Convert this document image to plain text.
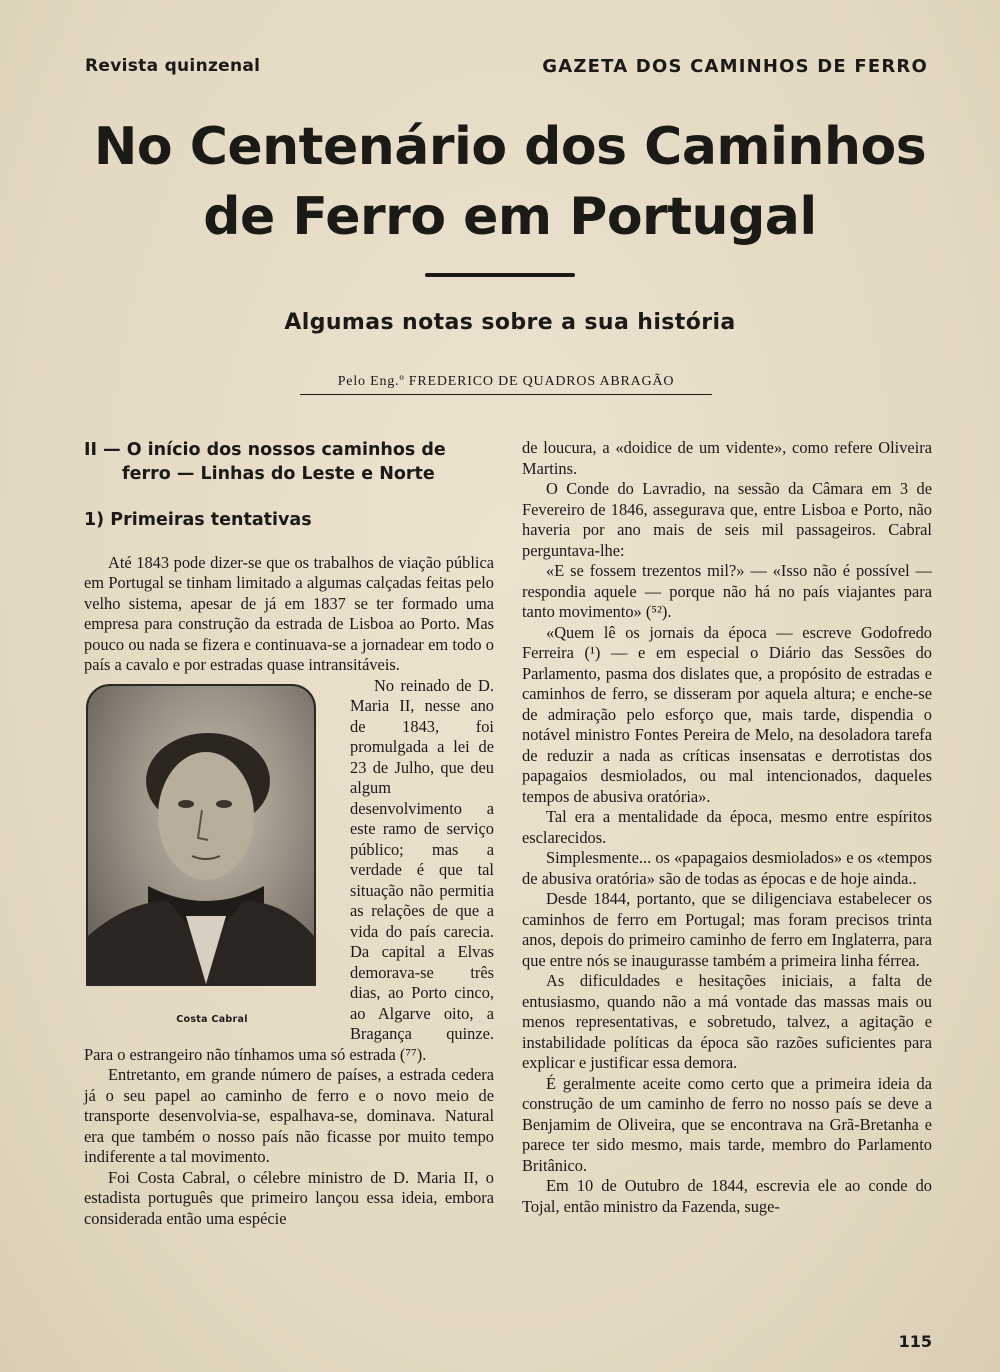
Revista quinzenal	GAZETA DOS CAMINHOS DE FERRO
No Centenário dos Caminhos
de Ferro em Portugal
Algumas notas sobre a sua história
Pelo Eng.º FREDERICO DE QUADROS ABRAGÃO
II — O início dos nossos caminhos de ferro — Linhas do Leste e Norte
1) Primeiras tentativas

Até 1843 pode dizer-se que os trabalhos de viação pública em Portugal se tinham limitado a algumas calçadas feitas pelo velho sistema, apesar de já em 1837 se ter formado uma empresa para construção da estrada de Lisboa ao Porto. Mas pouco ou nada se fizera e continuava-se a jornadear em todo o país a cavalo e por estradas quase intransitáveis.

Costa Cabral

No reinado de D. Maria II, nesse ano de 1843, foi promulgada a lei de 23 de Julho, que deu algum desenvolvimento a este ramo de serviço público; mas a verdade é que tal situação não permitia as relações de que a vida do país carecia. Da capital a Elvas demorava-se três dias, ao Porto cinco, ao Algarve oito, a Bragança quinze. Para o estrangeiro não tínhamos uma só estrada (⁷⁷).

Entretanto, em grande número de países, a estrada cedera já o seu papel ao caminho de ferro e o novo meio de transporte desenvolvia-se, espalhava-se, dominava. Natural era que também o nosso país não ficasse por muito tempo indiferente a tal movimento.

Foi Costa Cabral, o célebre ministro de D. Maria II, o estadista português que primeiro lançou essa ideia, embora considerada então uma espécie

de loucura, a «doidice de um vidente», como refere Oliveira Martins.

O Conde do Lavradio, na sessão da Câmara em 3 de Fevereiro de 1846, assegurava que, entre Lisboa e Porto, não haveria por ano mais de seis mil passageiros. Cabral perguntava-lhe:

«E se fossem trezentos mil?» — «Isso não é possível — respondia aquele — porque não há no país viajantes para tanto movimento» (⁵²).

«Quem lê os jornais da época — escreve Godofredo Ferreira (¹) — e em especial o Diário das Sessões do Parlamento, pasma dos dislates que, a propósito de estradas e caminhos de ferro, se disseram por aquela altura; e enche-se de admiração pelo esforço que, mais tarde, dispendia o notável ministro Fontes Pereira de Melo, na desoladora tarefa de reduzir a nada as críticas insensatas e derrotistas dos papagaios desmiolados, ou mal intencionados, daqueles tempos de abusiva oratória».

Tal era a mentalidade da época, mesmo entre espíritos esclarecidos.

Simplesmente... os «papagaios desmiolados» e os «tempos de abusiva oratória» são de todas as épocas e de hoje ainda..

Desde 1844, portanto, que se diligenciava estabelecer os caminhos de ferro em Portugal; mas foram precisos trinta anos, depois do primeiro caminho de ferro em Inglaterra, para que entre nós se inaugurasse também a primeira linha férrea.

As dificuldades e hesitações iniciais, a falta de entusiasmo, quando não a má vontade das massas mais ou menos representativas, e sobretudo, talvez, a agitação e instabilidade políticas da época são razões suficientes para explicar e justificar essa demora.

É geralmente aceite como certo que a primeira ideia da construção de um caminho de ferro no nosso país se deve a Benjamim de Oliveira, que se encontrava na Grã-Bretanha e parece ter sido mesmo, mais tarde, membro do Parlamento Britânico.

Em 10 de Outubro de 1844, escrevia ele ao conde do Tojal, então ministro da Fazenda, suge-

115
